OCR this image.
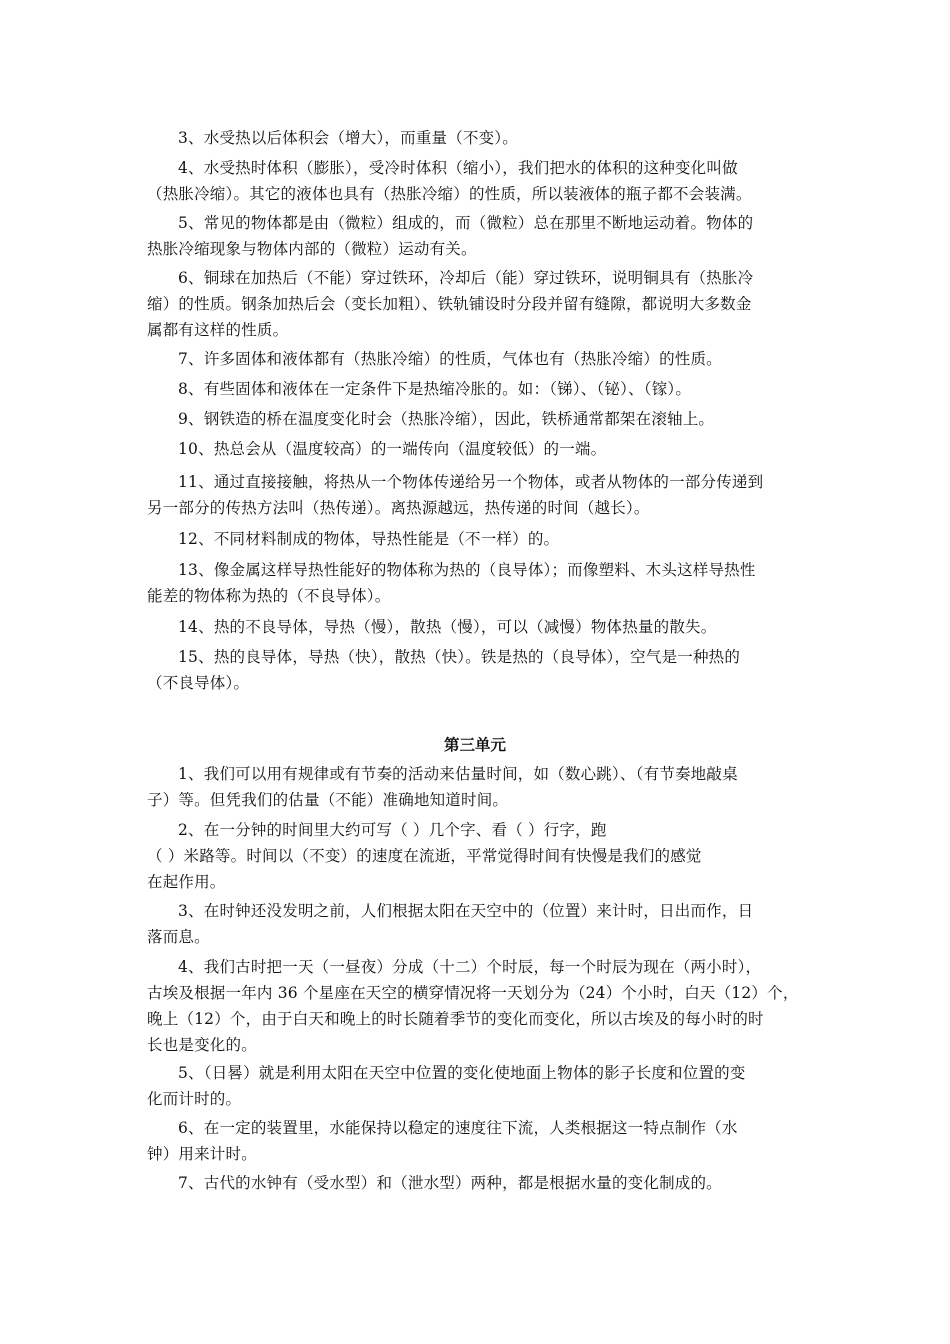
3、水受热以后体积会（增大），而重量（不变）。
4、水受热时体积（膨胀），受冷时体积（缩小），我们把水的体积的这种变化叫做
（热胀冷缩）。其它的液体也具有（热胀冷缩）的性质，所以装液体的瓶子都不会装满。
5、常见的物体都是由（微粒）组成的，而（微粒）总在那里不断地运动着。物体的
热胀冷缩现象与物体内部的（微粒）运动有关。
6、铜球在加热后（不能）穿过铁环，冷却后（能）穿过铁环，说明铜具有（热胀冷
缩）的性质。钢条加热后会（变长加粗）、铁轨铺设时分段并留有缝隙，都说明大多数金
属都有这样的性质。
7、许多固体和液体都有（热胀冷缩）的性质，气体也有（热胀冷缩）的性质。
8、有些固体和液体在一定条件下是热缩冷胀的。如：（锑）、（铋）、（镓）。
9、钢铁造的桥在温度变化时会（热胀冷缩），因此，铁桥通常都架在滚轴上。
10、热总会从（温度较高）的一端传向（温度较低）的一端。
11、通过直接接触，将热从一个物体传递给另一个物体，或者从物体的一部分传递到
另一部分的传热方法叫（热传递）。离热源越远，热传递的时间（越长）。
12、不同材料制成的物体，导热性能是（不一样）的。
13、像金属这样导热性能好的物体称为热的（良导体）；而像塑料、木头这样导热性
能差的物体称为热的（不良导体）。
14、热的不良导体，导热（慢），散热（慢），可以（减慢）物体热量的散失。
15、热的良导体，导热（快），散热（快）。铁是热的（良导体），空气是一种热的
（不良导体）。
第三单元
1、我们可以用有规律或有节奏的活动来估量时间，如（数心跳）、（有节奏地敲桌
子）等。但凭我们的估量（不能）准确地知道时间。
2、在一分钟的时间里大约可写（ ）几个字、看（ ）行字，跑
（ ）米路等。时间以（不变）的速度在流逝，平常觉得时间有快慢是我们的感觉
在起作用。
3、在时钟还没发明之前，人们根据太阳在天空中的（位置）来计时，日出而作，日
落而息。
4、我们古时把一天（一昼夜）分成（十二）个时辰，每一个时辰为现在（两小时），
古埃及根据一年内 36 个星座在天空的横穿情况将一天划分为（24）个小时，白天（12）个，
晚上（12）个，由于白天和晚上的时长随着季节的变化而变化，所以古埃及的每小时的时
长也是变化的。
5、（日晷）就是利用太阳在天空中位置的变化使地面上物体的影子长度和位置的变
化而计时的。
6、在一定的装置里，水能保持以稳定的速度往下流，人类根据这一特点制作（水
钟）用来计时。
7、古代的水钟有（受水型）和（泄水型）两种，都是根据水量的变化制成的。
